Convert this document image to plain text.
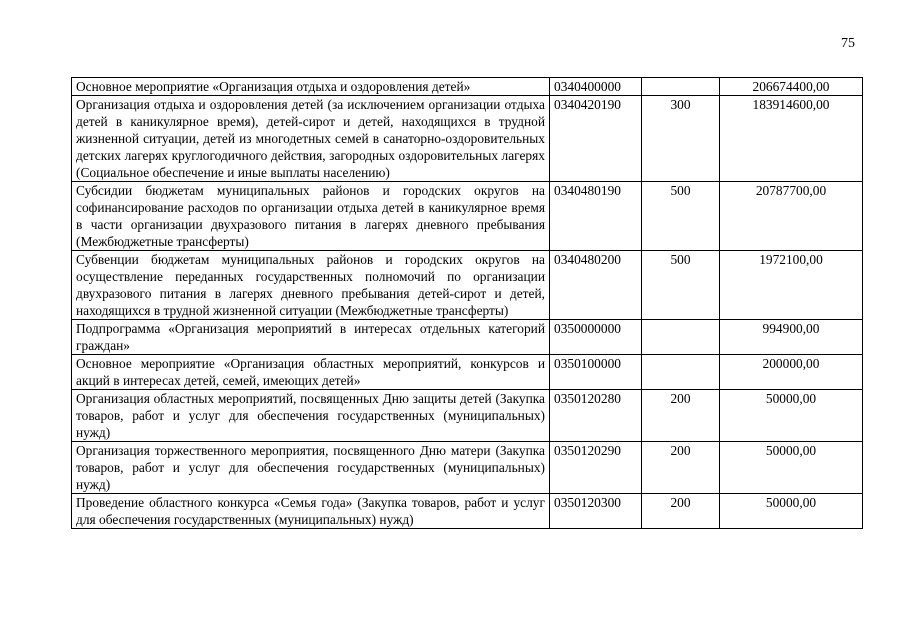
75
Основное мероприятие «Организация отдыха и оздоровления детей»	0340400000		206674400,00
Организация отдыха и оздоровления детей (за исключением организации отдыха детей в каникулярное время), детей-сирот и детей, находящихся в трудной жизненной ситуации, детей из многодетных семей в санаторно-оздоровительных детских лагерях круглогодичного действия, загородных оздоровительных лагерях (Социальное обеспечение и иные выплаты населению)	0340420190	300	183914600,00
Субсидии бюджетам муниципальных районов и городских округов на софинансирование расходов по организации отдыха детей в каникулярное время в части организации двухразового питания в лагерях дневного пребывания (Межбюджетные трансферты)	0340480190	500	20787700,00
Субвенции бюджетам муниципальных районов и городских округов на осуществление переданных государственных полномочий по организации двухразового питания в лагерях дневного пребывания детей-сирот и детей, находящихся в трудной жизненной ситуации (Межбюджетные трансферты)	0340480200	500	1972100,00
Подпрограмма «Организация мероприятий в интересах отдельных категорий граждан»	0350000000		994900,00
Основное мероприятие «Организация областных мероприятий, конкурсов и акций в интересах детей, семей, имеющих детей»	0350100000		200000,00
Организация областных мероприятий, посвященных Дню защиты детей (Закупка товаров, работ и услуг для обеспечения государственных (муниципальных) нужд)	0350120280	200	50000,00
Организация торжественного мероприятия, посвященного Дню матери (Закупка товаров, работ и услуг для обеспечения государственных (муниципальных) нужд)	0350120290	200	50000,00
Проведение областного конкурса «Семья года» (Закупка товаров, работ и услуг для обеспечения государственных (муниципальных) нужд)	0350120300	200	50000,00
